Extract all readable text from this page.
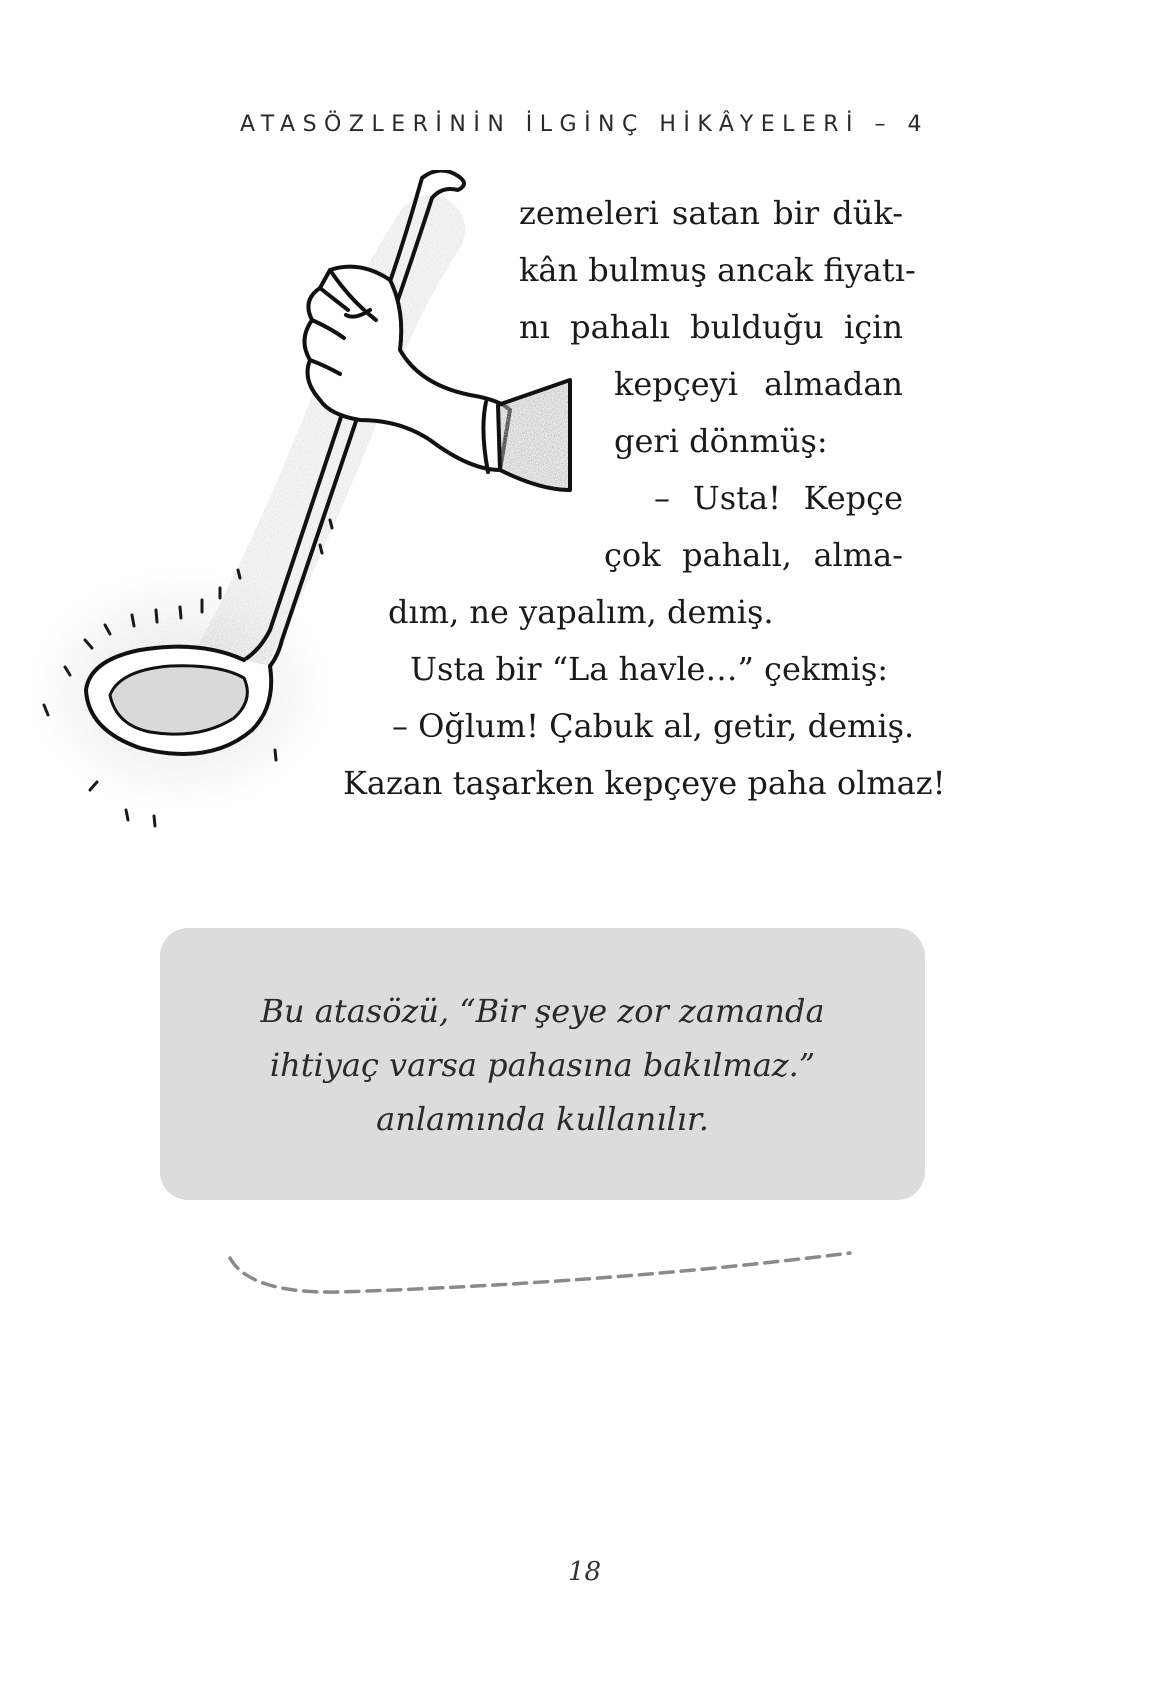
ATASÖZLERİNİN İLGİNÇ HİKÂYELERİ – 4

zemeleri satan bir dük-

kân bulmuş ancak fiyatı-

nı pahalı bulduğu için

kepçeyi almadan

geri dönmüş:

– Usta! Kepçe

çok pahalı, alma-

dım, ne yapalım, demiş.

Usta bir “La havle…” çekmiş:

– Oğlum! Çabuk al, getir, demiş.

Kazan taşarken kepçeye paha olmaz!

Bu atasözü, “Bir şeye zor zamanda

ihtiyaç varsa pahasına bakılmaz.”

anlamında kullanılır.

18
